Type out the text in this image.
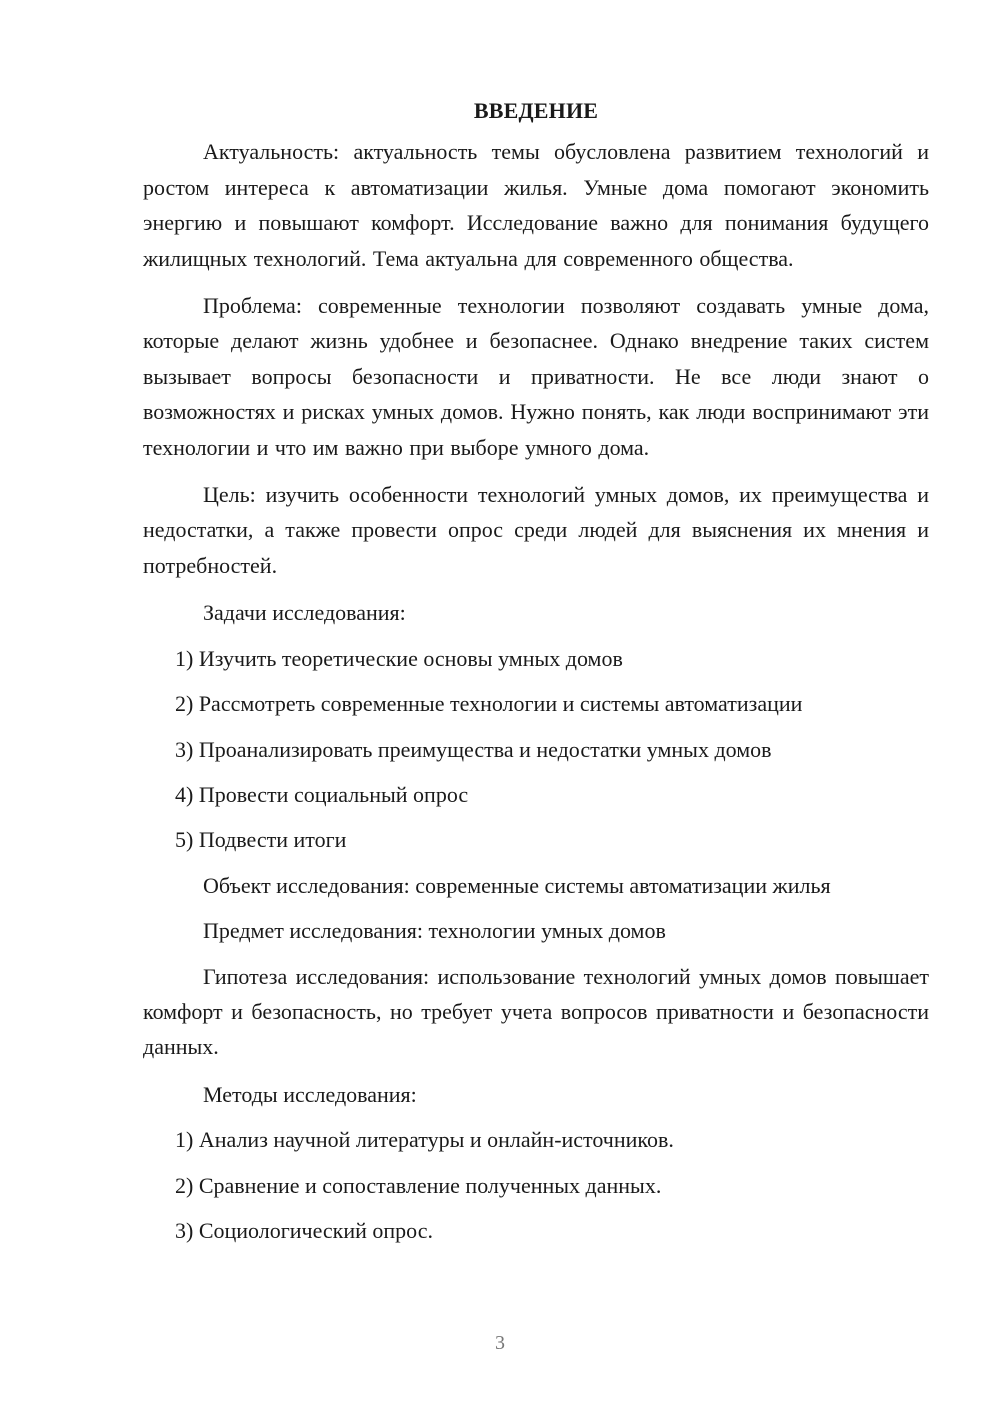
ВВЕДЕНИЕ

Актуальность: актуальность темы обусловлена развитием технологий и ростом интереса к автоматизации жилья. Умные дома помогают экономить энергию и повышают комфорт. Исследование важно для понимания будущего жилищных технологий. Тема актуальна для современного общества.

Проблема: современные технологии позволяют создавать умные дома, которые делают жизнь удобнее и безопаснее. Однако внедрение таких систем вызывает вопросы безопасности и приватности. Не все люди знают о возможностях и рисках умных домов. Нужно понять, как люди воспринимают эти технологии и что им важно при выборе умного дома.

Цель: изучить особенности технологий умных домов, их преимущества и недостатки, а также провести опрос среди людей для выяснения их мнения и потребностей.

Задачи исследования:

1) Изучить теоретические основы умных домов
2) Рассмотреть современные технологии и системы автоматизации
3) Проанализировать преимущества и недостатки умных домов
4) Провести социальный опрос
5) Подвести итоги

Объект исследования: современные системы автоматизации жилья

Предмет исследования: технологии умных домов

Гипотеза исследования: использование технологий умных домов повышает комфорт и безопасность, но требует учета вопросов приватности и безопасности данных.

Методы исследования:

1) Анализ научной литературы и онлайн-источников.
2) Сравнение и сопоставление полученных данных.
3) Социологический опрос.
3
